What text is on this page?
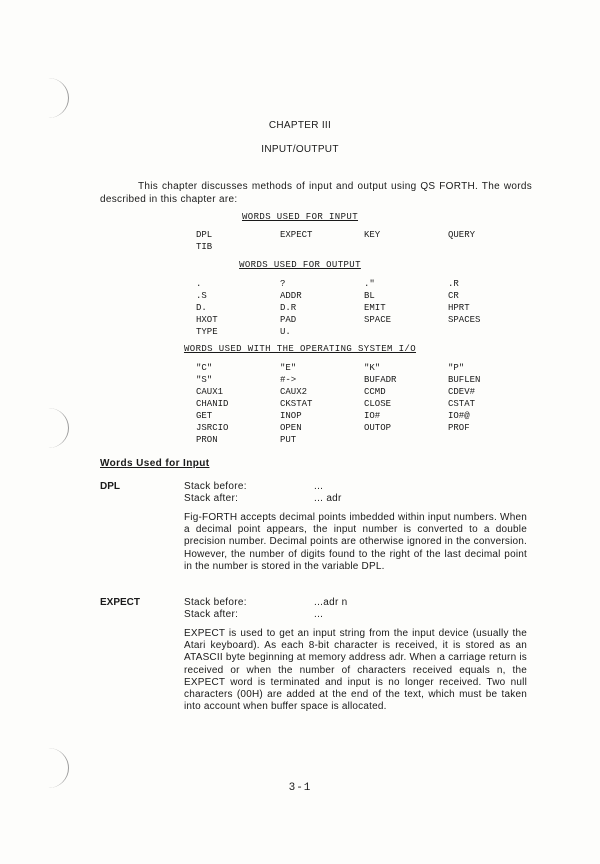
CHAPTER III
INPUT/OUTPUT
This chapter discusses methods of input and output using QS FORTH. The words described in this chapter are:
WORDS USED FOR INPUT
DPL	EXPECT	KEY	QUERY
TIB
WORDS USED FOR OUTPUT
.	?	."	.R
.S	ADDR	BL	CR
D.	D.R	EMIT	HPRT
HXOT	PAD	SPACE	SPACES
TYPE	U.
WORDS USED WITH THE OPERATING SYSTEM I/O
"C"	"E"	"K"	"P"
"S"	#->	BUFADR	BUFLEN
CAUX1	CAUX2	CCMD	CDEV#
CHANID	CKSTAT	CLOSE	CSTAT
GET	INOP	IO#	IO#@
JSRCIO	OPEN	OUTOP	PROF
PRON	PUT
Words Used for Input
DPL	Stack before:	...
Stack after:	... adr
Fig-FORTH accepts decimal points imbedded within input numbers. When a decimal point appears, the input number is converted to a double precision number. Decimal points are otherwise ignored in the conversion. However, the number of digits found to the right of the last decimal point in the number is stored in the variable DPL.
EXPECT	Stack before:	...adr n
Stack after:	...
EXPECT is used to get an input string from the input device (usually the Atari keyboard). As each 8-bit character is received, it is stored as an ATASCII byte beginning at memory address adr. When a carriage return is received or when the number of characters received equals n, the EXPECT word is terminated and input is no longer received. Two null characters (00H) are added at the end of the text, which must be taken into account when buffer space is allocated.
3-1
